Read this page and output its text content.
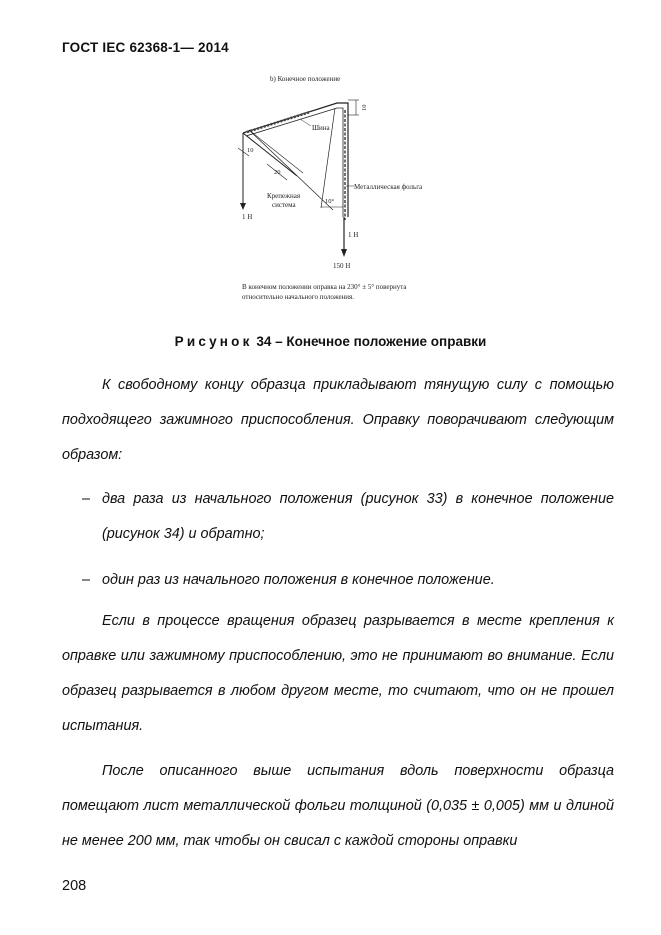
ГОСТ IEC 62368-1— 2014
b) Конечное положение
1 Н
1 Н
150 Н
10
10
20
10°
Шина
Металлическая фольга
Крепежная
система
В конечном положении оправка на 230° ± 5° повернута
относительно начального положения.
Рисунок 34 – Конечное положение оправки
К свободному концу образца прикладывают тянущую силу с помощью подходящего зажимного приспособления. Оправку поворачивают следующим образом:
– два раза из начального положения (рисунок 33) в конечное положение (рисунок 34) и обратно;
– один раз из начального положения в конечное положение.
Если в процессе вращения образец разрывается в месте крепления к оправке или зажимному приспособлению, это не принимают во внимание. Если образец разрывается в любом другом месте, то считают, что он не прошел испытания.
После описанного выше испытания вдоль поверхности образца помещают лист металлической фольги толщиной (0,035 ± 0,005) мм и длиной не менее 200 мм, так чтобы он свисал с каждой стороны оправки
208
